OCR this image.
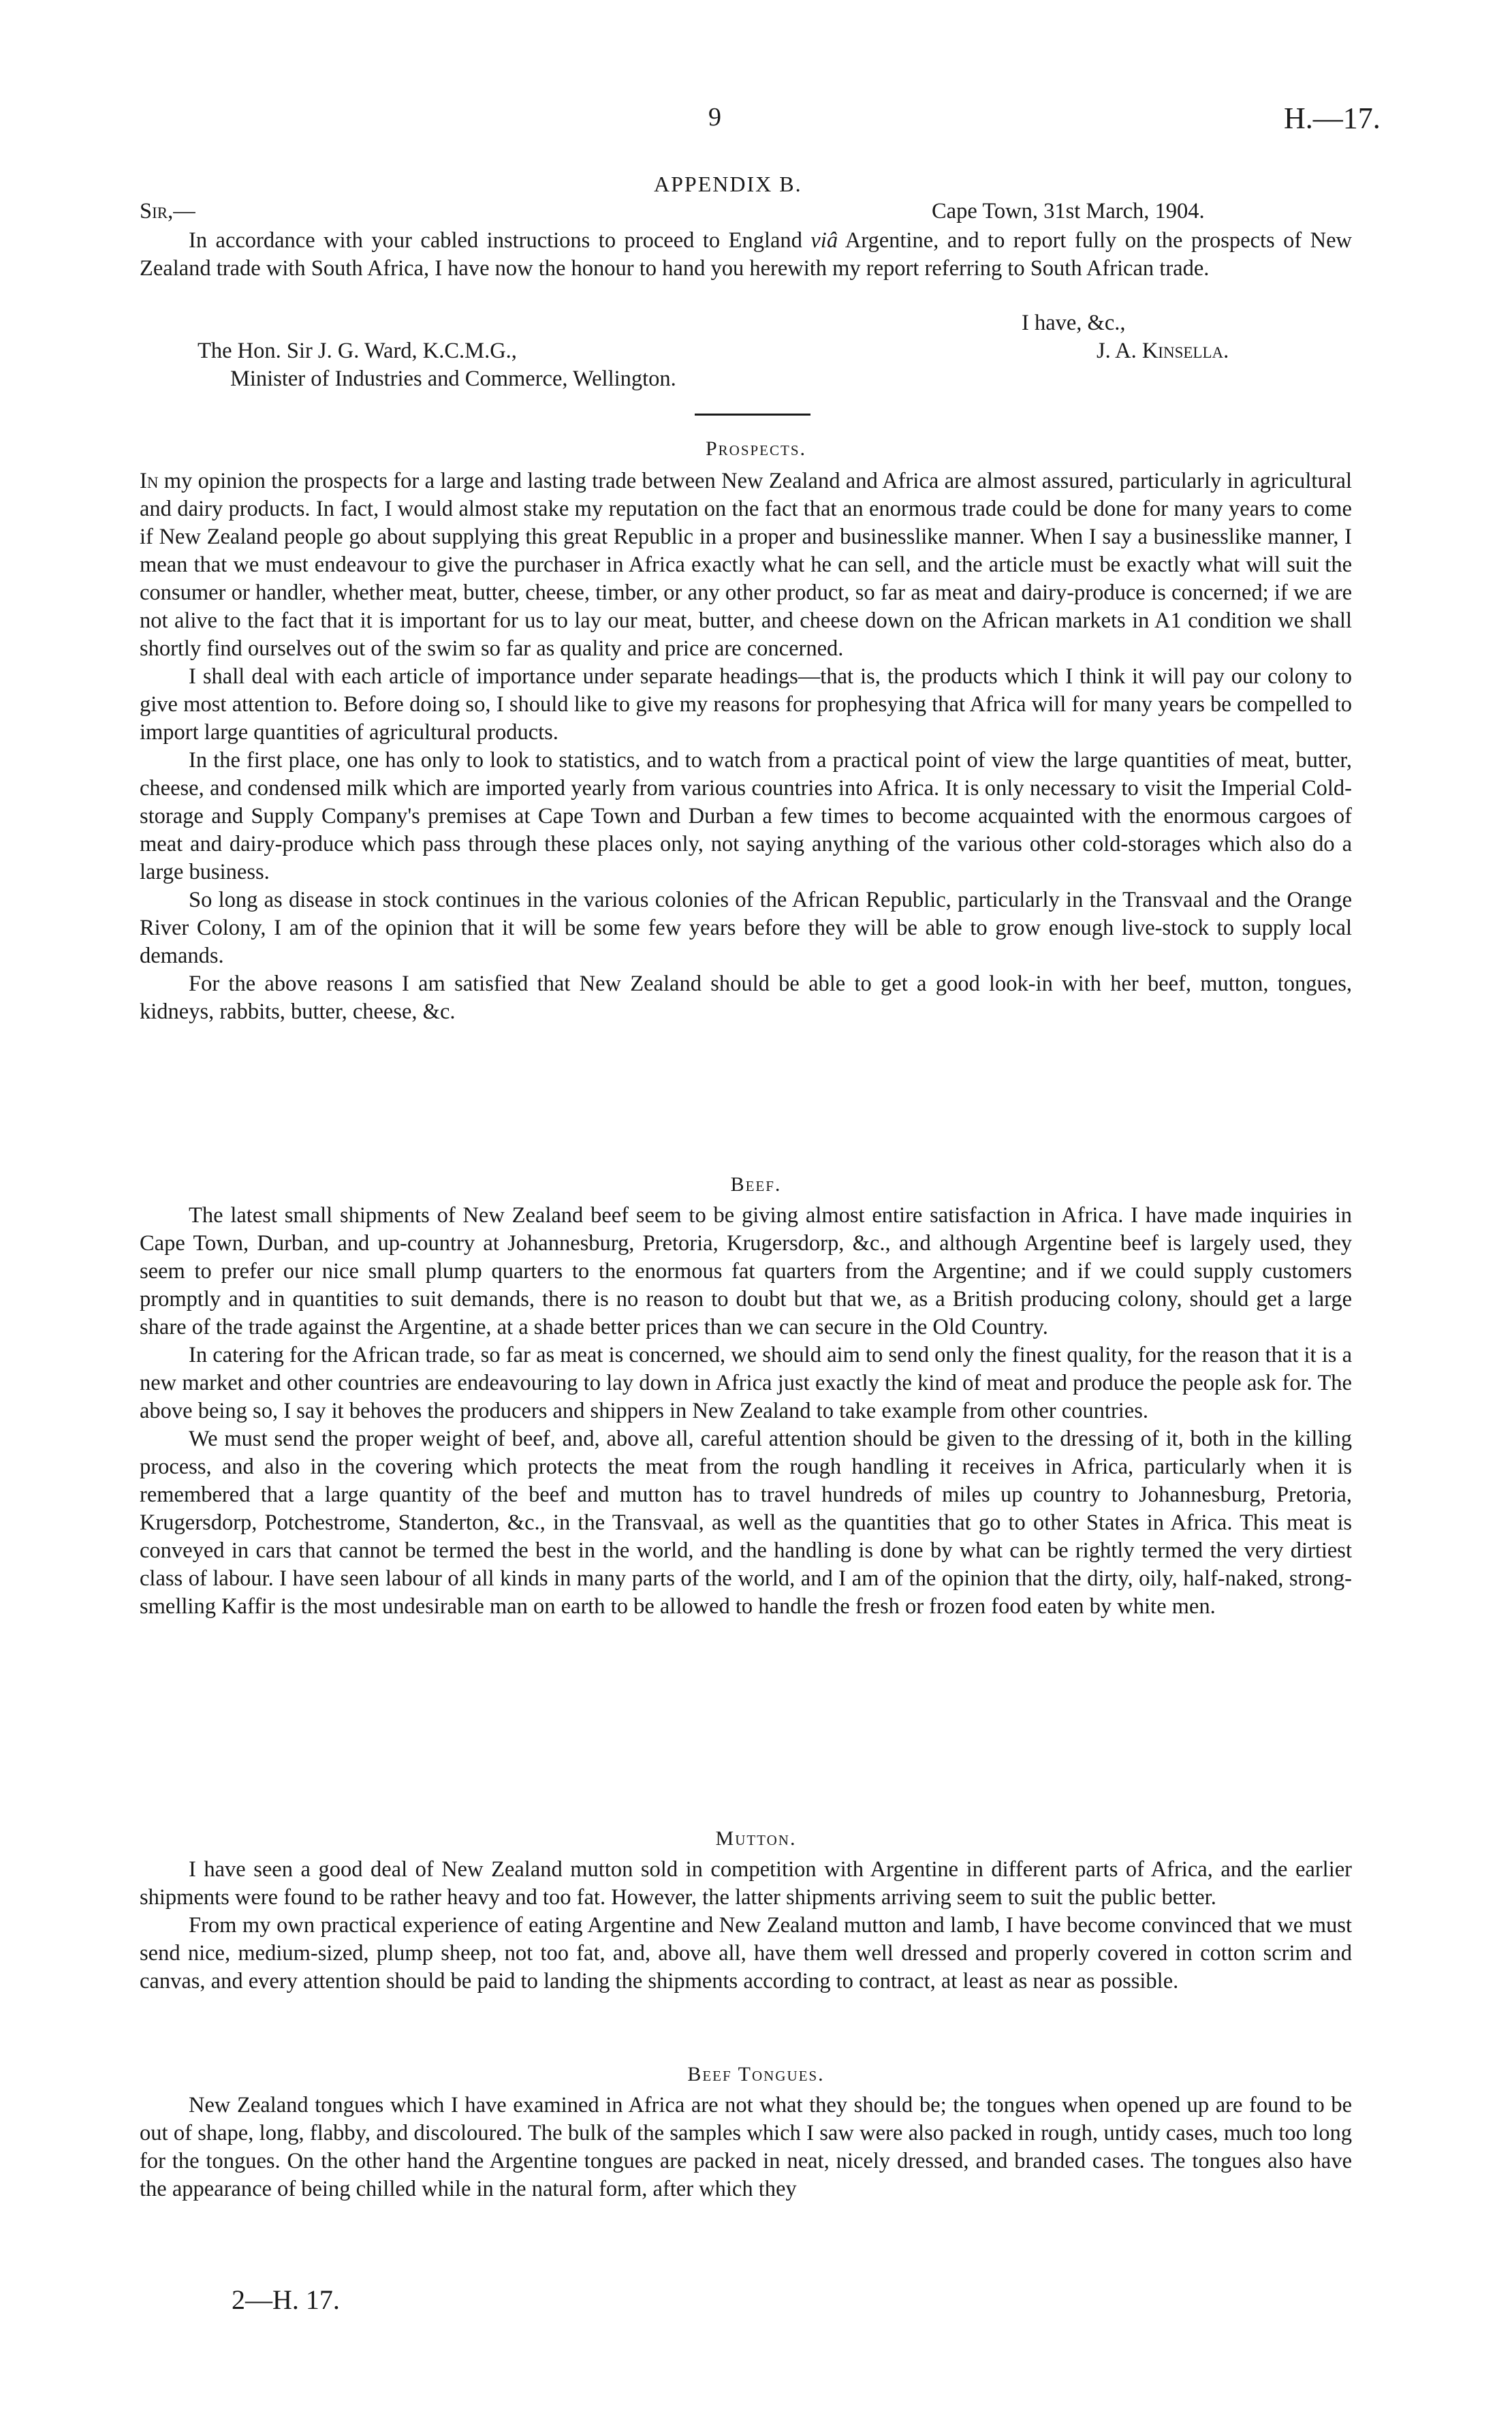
9	H.—17.
APPENDIX B.
Sir,—	Cape Town, 31st March, 1904.

In accordance with your cabled instructions to proceed to England viâ Argentine, and to report fully on the prospects of New Zealand trade with South Africa, I have now the honour to hand you herewith my report referring to South African trade.

I have, &c.,
The Hon. Sir J. G. Ward, K.C.M.G.,	J. A. Kinsella.
Minister of Industries and Commerce, Wellington.
Prospects.

In my opinion the prospects for a large and lasting trade between New Zealand and Africa are almost assured, particularly in agricultural and dairy products. In fact, I would almost stake my reputation on the fact that an enormous trade could be done for many years to come if New Zealand people go about supplying this great Republic in a proper and businesslike manner. When I say a businesslike manner, I mean that we must endeavour to give the purchaser in Africa exactly what he can sell, and the article must be exactly what will suit the consumer or handler, whether meat, butter, cheese, timber, or any other product, so far as meat and dairy-produce is concerned; if we are not alive to the fact that it is important for us to lay our meat, butter, and cheese down on the African markets in A1 condition we shall shortly find ourselves out of the swim so far as quality and price are concerned.

I shall deal with each article of importance under separate headings—that is, the products which I think it will pay our colony to give most attention to. Before doing so, I should like to give my reasons for prophesying that Africa will for many years be compelled to import large quantities of agricultural products.

In the first place, one has only to look to statistics, and to watch from a practical point of view the large quantities of meat, butter, cheese, and condensed milk which are imported yearly from various countries into Africa. It is only necessary to visit the Imperial Cold-storage and Supply Company's premises at Cape Town and Durban a few times to become acquainted with the enormous cargoes of meat and dairy-produce which pass through these places only, not saying anything of the various other cold-storages which also do a large business.

So long as disease in stock continues in the various colonies of the African Republic, particularly in the Transvaal and the Orange River Colony, I am of the opinion that it will be some few years before they will be able to grow enough live-stock to supply local demands.

For the above reasons I am satisfied that New Zealand should be able to get a good look-in with her beef, mutton, tongues, kidneys, rabbits, butter, cheese, &c.

Beef.

The latest small shipments of New Zealand beef seem to be giving almost entire satisfaction in Africa. I have made inquiries in Cape Town, Durban, and up-country at Johannesburg, Pretoria, Krugersdorp, &c., and although Argentine beef is largely used, they seem to prefer our nice small plump quarters to the enormous fat quarters from the Argentine; and if we could supply customers promptly and in quantities to suit demands, there is no reason to doubt but that we, as a British producing colony, should get a large share of the trade against the Argentine, at a shade better prices than we can secure in the Old Country.

In catering for the African trade, so far as meat is concerned, we should aim to send only the finest quality, for the reason that it is a new market and other countries are endeavouring to lay down in Africa just exactly the kind of meat and produce the people ask for. The above being so, I say it behoves the producers and shippers in New Zealand to take example from other countries.

We must send the proper weight of beef, and, above all, careful attention should be given to the dressing of it, both in the killing process, and also in the covering which protects the meat from the rough handling it receives in Africa, particularly when it is remembered that a large quantity of the beef and mutton has to travel hundreds of miles up country to Johannesburg, Pretoria, Krugersdorp, Potchestrome, Standerton, &c., in the Transvaal, as well as the quantities that go to other States in Africa. This meat is conveyed in cars that cannot be termed the best in the world, and the handling is done by what can be rightly termed the very dirtiest class of labour. I have seen labour of all kinds in many parts of the world, and I am of the opinion that the dirty, oily, half-naked, strong-smelling Kaffir is the most undesirable man on earth to be allowed to handle the fresh or frozen food eaten by white men.

Mutton.

I have seen a good deal of New Zealand mutton sold in competition with Argentine in different parts of Africa, and the earlier shipments were found to be rather heavy and too fat. However, the latter shipments arriving seem to suit the public better.

From my own practical experience of eating Argentine and New Zealand mutton and lamb, I have become convinced that we must send nice, medium-sized, plump sheep, not too fat, and, above all, have them well dressed and properly covered in cotton scrim and canvas, and every attention should be paid to landing the shipments according to contract, at least as near as possible.

Beef Tongues.

New Zealand tongues which I have examined in Africa are not what they should be; the tongues when opened up are found to be out of shape, long, flabby, and discoloured. The bulk of the samples which I saw were also packed in rough, untidy cases, much too long for the tongues. On the other hand the Argentine tongues are packed in neat, nicely dressed, and branded cases. The tongues also have the appearance of being chilled while in the natural form, after which they

2—H. 17.
